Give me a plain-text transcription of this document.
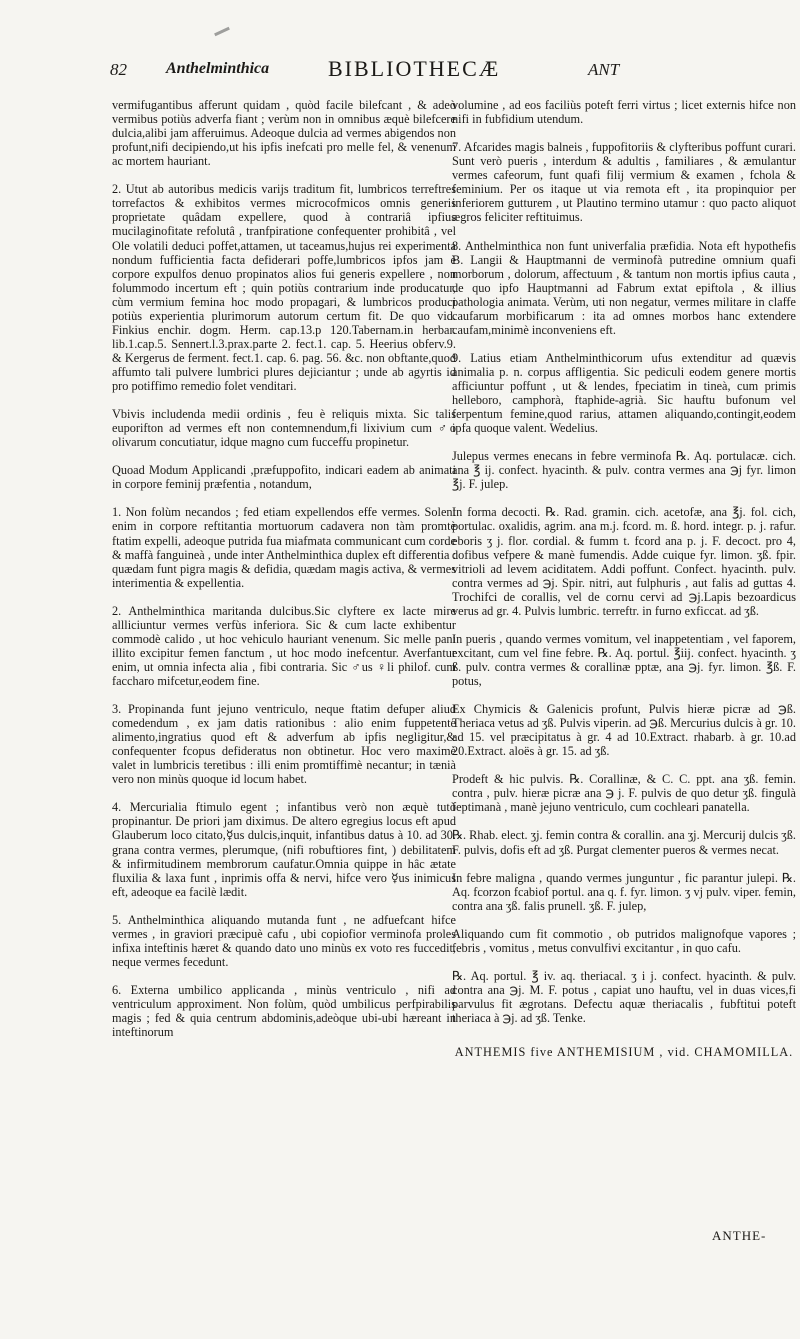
82 Anthelminthica	BIBLIOTHECÆ	ANT

vermifugantibus afferunt quidam , quòd facile bilefcant , & adeò vermibus potiùs adverfa fiant ; verùm non in omnibus æquè bilefcere dulcia,alibi jam afferuimus. Adeoque dulcia ad vermes abigendos non profunt,nifi decipiendo,ut his ipfis inefcati pro melle fel, & venenum ac mortem hauriant.

2. Utut ab autoribus medicis varijs traditum fit, lumbricos terreftres torrefactos & exhibitos vermes microcofmicos omnis generis proprietate quâdam expellere, quod à contrariâ ipfius mucilaginofitate refolutâ , tranfpiratione confequenter prohibitâ , vel Ole volatili deduci poffet,attamen, ut taceamus,hujus rei experimenta nondum fufficientia facta defiderari poffe,lumbricos ipfos jam è corpore expulfos denuo propinatos alios fui generis expellere , non folummodo incertum eft ; quin potiùs contrarium inde producatur, cùm vermium femina hoc modo propagari, & lumbricos produci potiùs experientia plurimorum autorum certum fit. De quo vid. Finkius enchir. dogm. Herm. cap.13.p 120.Tabernam.in herbar. lib.1.cap.5. Sennert.l.3.prax.parte 2. fect.1. cap. 5. Heerius obferv.9. & Kergerus de ferment. fect.1. cap. 6. pag. 56. &c. non obftante,quod affumto tali pulvere lumbrici plures dejiciantur ; unde ab agyrtis id pro potiffimo remedio folet venditari.

Vbivis includenda medii ordinis , feu è reliquis mixta. Sic talis euporifton ad vermes eft non contemnendum,fi lixivium cum ♂o olivarum concutiatur, idque magno cum fucceffu propinetur.

Quoad Modum Applicandi ,præfuppofito, indicari eadem ab animati in corpore feminij præfentia , notandum,

1. Non folùm necandos ; fed etiam expellendos effe vermes. Solent enim in corpore reftitantia mortuorum cadavera non tàm promtè ftatim expelli, adeoque putrida fua miafmata communicant cum corde & maffà fanguineà , unde inter Anthelminthica duplex eft differentia : quædam funt pigra magis & defidia, quædam magis activa, & vermes interimentia & expellentia.

2. Anthelminthica maritanda dulcibus.Sic clyftere ex lacte mire allliciuntur vermes verfùs inferiora. Sic & cum lacte exhibentur commodè calido , ut hoc vehiculo hauriant venenum. Sic melle pani illito excipitur femen fanctum , ut hoc modo inefcentur. Averfantur enim, ut omnia infecta alia , fibi contraria. Sic ♂us ♀li philof. cum faccharo mifcetur,eodem fine.

3. Propinanda funt jejuno ventriculo, neque ftatim defuper aliud comedendum , ex jam datis rationibus : alio enim fuppetente alimento,ingratius quod eft & adverfum ab ipfis negligitur,& confequenter fcopus defideratus non obtinetur. Hoc vero maximè valet in lumbricis teretibus : illi enim promtiffimè necantur; in tænià vero non minùs quoque id locum habet.

4. Mercurialia ftimulo egent ; infantibus verò non æquè tutò propinantur. De priori jam diximus. De altero egregius locus eft apud Glauberum loco citato,☿us dulcis,inquit, infantibus datus à 10. ad 30. grana contra vermes, plerumque, (nifi robuftiores fint, ) debilitatem & infirmitudinem membrorum caufatur.Omnia quippe in hâc ætate fluxilia & laxa funt , inprimis offa & nervi, hifce vero ☿us inimicus eft, adeoque ea facilè lædit.

5. Anthelminthica aliquando mutanda funt , ne adfuefcant hifce vermes , in graviori præcipuè cafu , ubi copiofior verminofa proles infixa inteftinis hæret & quando dato uno minùs ex voto res fuccedit, neque vermes fecedunt.

6. Externa umbilico applicanda , minùs ventriculo , nifi ad ventriculum approximent. Non folùm, quòd umbilicus perfpirabilis magis ; fed & quia centrum abdominis,adeòque ubi-ubi hæreant in inteftinorum

volumine , ad eos faciliùs poteft ferri virtus ; licet externis hifce non nifi in fubfidium utendum.

7. Afcarides magis balneis , fuppofitoriis & clyfteribus poffunt curari. Sunt verò pueris , interdum & adultis , familiares , & æmulantur vermes cafeorum, funt quafi filij vermium & examen , fchola & feminium. Per os itaque ut via remota eft , ita propinquior per inferiorem gutturem , ut Plautino termino utamur : quo pacto aliquot ægros feliciter reftituimus.

8. Anthelminthica non funt univerfalia præfidia. Nota eft hypothefis B. Langii & Hauptmanni de verminofà putredine omnium quafi morborum , dolorum, affectuum , & tantum non mortis ipfius cauta , de quo ipfo Hauptmanni ad Fabrum extat epiftola , & illius pathologia animata. Verùm, uti non negatur, vermes militare in claffe caufarum morbificarum : ita ad omnes morbos hanc extendere caufam,minimè inconveniens eft.

9. Latius etiam Anthelminthicorum ufus extenditur ad quævis animalia p. n. corpus affligentia. Sic pediculi eodem genere mortis afficiuntur poffunt , ut & lendes, fpeciatim in tineà, cum primis helleboro, camphorà, ftaphide-agrià. Sic hauftu bufonum vel ferpentum femine,quod rarius, attamen aliquando,contingit,eodem ipfa quoque valent. Wedelius.

Julepus vermes enecans in febre verminofa ℞. Aq. portulacæ. cich. ana ℥ ij. confect. hyacinth. & pulv. contra vermes ana ℈j fyr. limon ℥j. F. julep.

In forma decocti. ℞. Rad. gramin. cich. acetofæ, ana ℥j. fol. cich, portulac. oxalidis, agrim. ana m.j. fcord. m. ß. hord. integr. p. j. rafur. eboris ʒ j. flor. cordial. & fumm t. fcord ana p. j. F. decoct. pro 4, dofibus vefpere & manè fumendis. Adde cuique fyr. limon. ʒß. fpir. vitrioli ad levem aciditatem. Addi poffunt. Confect. hyacinth. pulv. contra vermes ad ℈j. Spir. nitri, aut fulphuris , aut falis ad guttas 4. Trochifci de corallis, vel de cornu cervi ad ℈j.Lapis bezoardicus verus ad gr. 4. Pulvis lumbric. terreftr. in furno exficcat. ad ʒß.

In pueris , quando vermes vomitum, vel inappetentiam , vel faporem, excitant, cum vel fine febre. ℞. Aq. portul. ℥iij. confect. hyacinth. ʒ ß. pulv. contra vermes & corallinæ pptæ, ana ℈j. fyr. limon. ℥ß. F. potus,

Ex Chymicis & Galenicis profunt, Pulvis hieræ picræ ad ℈ß. Theriaca vetus ad ʒß. Pulvis viperin. ad ℈ß. Mercurius dulcis à gr. 10. ad 15. vel præcipitatus à gr. 4 ad 10.Extract. rhabarb. à gr. 10.ad 20.Extract. aloës à gr. 15. ad ʒß.

Prodeft & hic pulvis. ℞. Corallinæ, & C. C. ppt. ana ʒß. femin. contra , pulv. hieræ picræ ana ℈ j. F. pulvis de quo detur ʒß. fingulà feptimanà , manè jejuno ventriculo, cum cochleari panatella.

℞. Rhab. elect. ʒj. femin contra & corallin. ana ʒj. Mercurij dulcis ʒß. F. pulvis, dofis eft ad ʒß. Purgat clementer pueros & vermes necat.

In febre maligna , quando vermes junguntur , fic parantur julepi. ℞. Aq. fcorzon fcabiof portul. ana q. f. fyr. limon. ʒ vj pulv. viper. femin, contra ana ʒß. falis prunell. ʒß. F. julep,

Aliquando cum fit commotio , ob putridos malignofque vapores ; febris , vomitus , metus convulfivi excitantur , in quo cafu.

℞. Aq. portul. ℥ iv. aq. theriacal. ʒ i j. confect. hyacinth. & pulv. contra ana ℈j. M. F. potus , capiat uno hauftu, vel in duas vices,fi parvulus fit ægrotans. Defectu aquæ theriacalis , fubftitui poteft theriaca à ℈j. ad ʒß. Tenke.

ANTHEMIS five ANTHEMISIUM , vid. CHAMOMILLA.

ANTHE-
